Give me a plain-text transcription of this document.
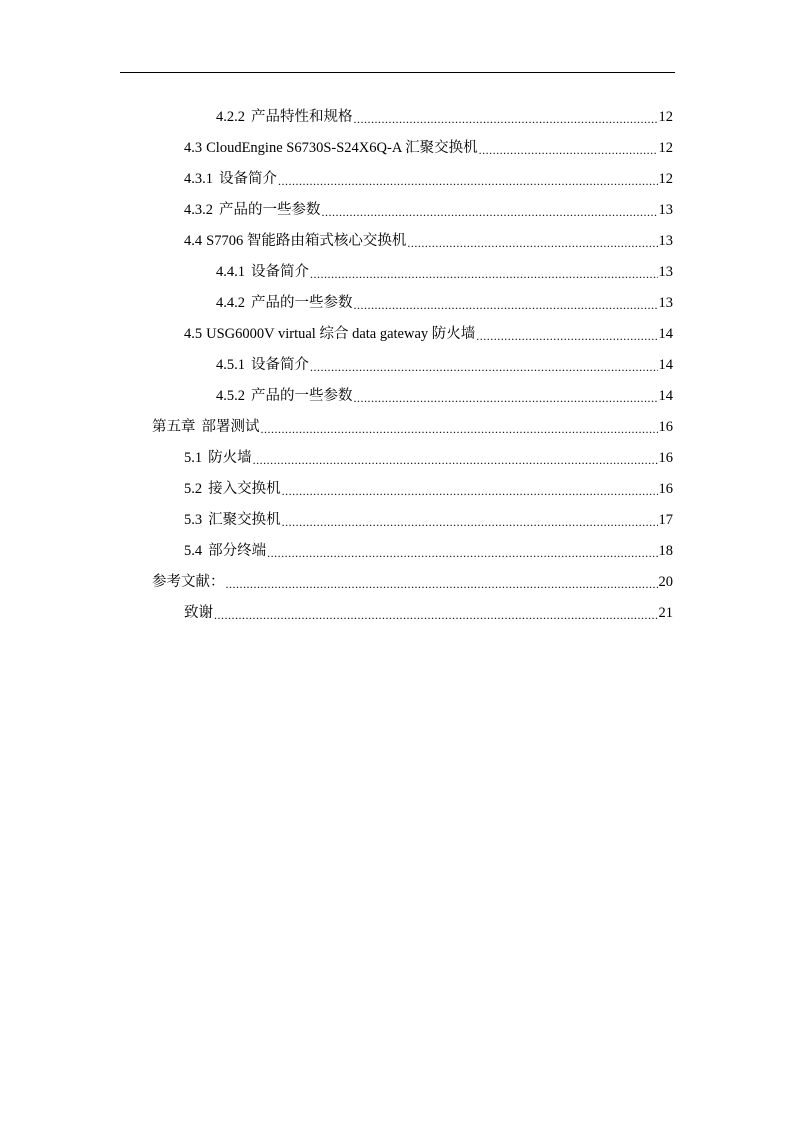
4.2.2 产品特性和规格 .....	12
4.3 CloudEngine S6730S-S24X6Q-A 汇聚交换机 .....	12
4.3.1 设备简介 .....	12
4.3.2 产品的一些参数 .....	13
4.4 S7706 智能路由箱式核心交换机 .....	13
4.4.1 设备简介 .....	13
4.4.2 产品的一些参数 .....	13
4.5 USG6000V virtual 综合 data gateway 防火墙 .....	14
4.5.1 设备简介 .....	14
4.5.2 产品的一些参数 .....	14
第五章 部署测试 .....	16
5.1 防火墙 .....	16
5.2 接入交换机 .....	16
5.3 汇聚交换机 .....	17
5.4 部分终端 .....	18
参考文献： .....	20
致谢 .....	21
